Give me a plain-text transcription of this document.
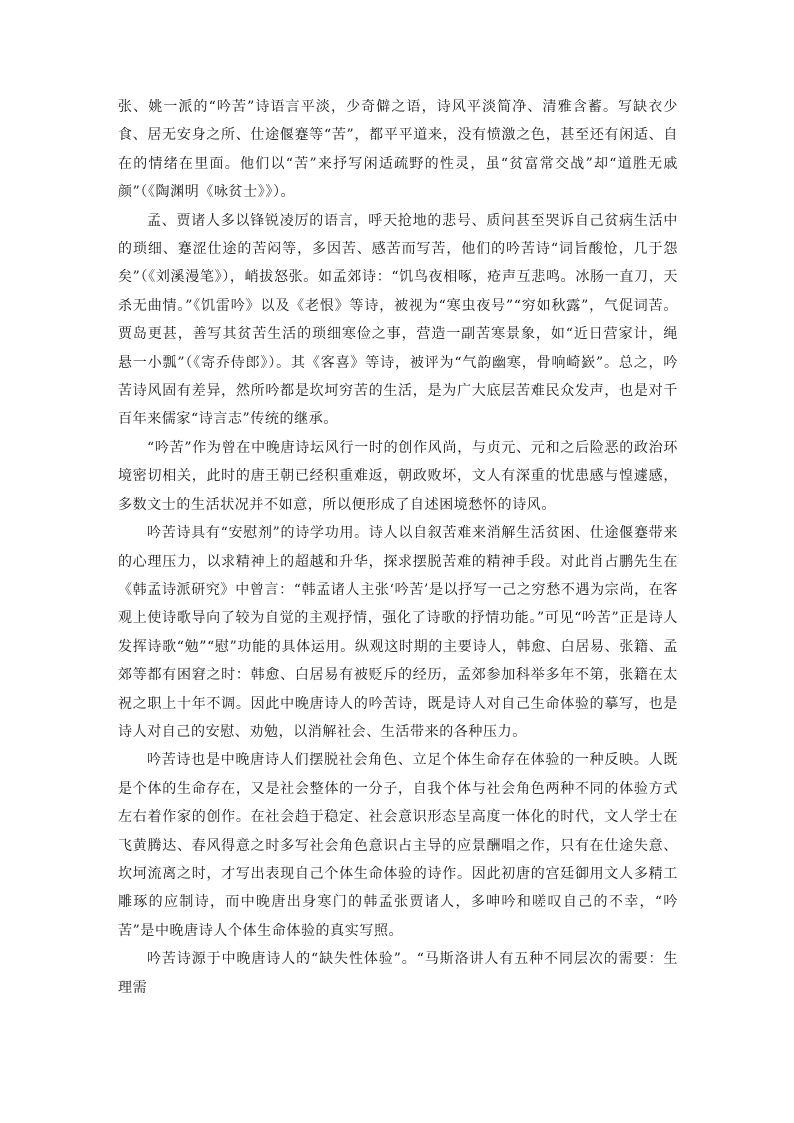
张、姚一派的“吟苦”诗语言平淡，少奇僻之语，诗风平淡简净、清雅含蓄。写缺衣少食、居无安身之所、仕途偃蹇等“苦”，都平平道来，没有愤激之色，甚至还有闲适、自在的情绪在里面。他们以“苦”来抒写闲适疏野的性灵，虽“贫富常交战”却“道胜无戚颜”（《陶渊明《咏贫士》》）。

孟、贾诸人多以锋锐凌厉的语言，呼天抢地的悲号、质问甚至哭诉自己贫病生活中的琐细、蹇涩仕途的苦闷等，多因苦、感苦而写苦，他们的吟苦诗“词旨酸怆，几于怨矣”（《刘溪漫笔》），峭拔怒张。如孟郊诗：“饥鸟夜相啄，疮声互悲鸣。冰肠一直刀，天杀无曲情。”《饥雷吟》以及《老恨》等诗，被视为“寒虫夜号”“穷如秋露”，气促词苦。贾岛更甚，善写其贫苦生活的琐细寒俭之事，营造一副苦寒景象，如“近日营家计，绳悬一小瓢”（《寄乔侍郎》）。其《客喜》等诗，被评为“气韵幽寒，骨响崎嶔”。总之，吟苦诗风固有差异，然所吟都是坎坷穷苦的生活，是为广大底层苦难民众发声，也是对千百年来儒家“诗言志”传统的继承。

“吟苦”作为曾在中晚唐诗坛风行一时的创作风尚，与贞元、元和之后险恶的政治环境密切相关，此时的唐王朝已经积重难返，朝政败坏，文人有深重的忧患感与惶遽感，多数文士的生活状况并不如意，所以便形成了自述困境愁怀的诗风。

吟苦诗具有“安慰剂”的诗学功用。诗人以自叙苦难来消解生活贫困、仕途偃蹇带来的心理压力，以求精神上的超越和升华，探求摆脱苦难的精神手段。对此肖占鹏先生在《韩孟诗派研究》中曾言：“韩孟诸人主张‘吟苦’是以抒写一己之穷愁不遇为宗尚，在客观上使诗歌导向了较为自觉的主观抒情，强化了诗歌的抒情功能。”可见“吟苦”正是诗人发挥诗歌“勉”“慰”功能的具体运用。纵观这时期的主要诗人，韩愈、白居易、张籍、孟郊等都有困窘之时：韩愈、白居易有被贬斥的经历，孟郊参加科举多年不第，张籍在太祝之职上十年不调。因此中晚唐诗人的吟苦诗，既是诗人对自己生命体验的摹写，也是诗人对自己的安慰、劝勉，以消解社会、生活带来的各种压力。

吟苦诗也是中晚唐诗人们摆脱社会角色、立足个体生命存在体验的一种反映。人既是个体的生命存在，又是社会整体的一分子，自我个体与社会角色两种不同的体验方式左右着作家的创作。在社会趋于稳定、社会意识形态呈高度一体化的时代，文人学士在飞黄腾达、春风得意之时多写社会角色意识占主导的应景酬唱之作，只有在仕途失意、坎坷流离之时，才写出表现自己个体生命体验的诗作。因此初唐的宫廷御用文人多精工雕琢的应制诗，而中晚唐出身寒门的韩孟张贾诸人，多呻吟和嗟叹自己的不幸，“吟苦”是中晚唐诗人个体生命体验的真实写照。

吟苦诗源于中晚唐诗人的“缺失性体验”。“马斯洛讲人有五种不同层次的需要：生理需
